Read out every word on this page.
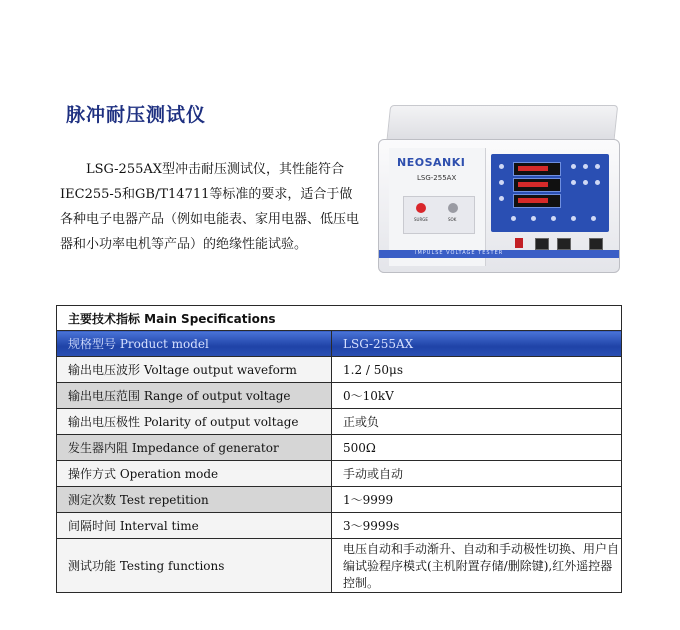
脉冲耐压测试仪
LSG-255AX型冲击耐压测试仪，其性能符合IEC255-5和GB/T14711等标准的要求，适合于做各种电子电器产品（例如电能表、家用电器、低压电器和小功率电机等产品）的绝缘性能试验。
NEOSANKI
LSG-255AX
SURGE	SOK
IMPULSE VOLTAGE TESTER
主要技术指标 Main Specifications	
规格型号 Product model	LSG-255AX
输出电压波形 Voltage output waveform	1.2 / 50μs
输出电压范围 Range of output voltage	0～10kV
输出电压极性 Polarity of output voltage	正或负
发生器内阻 Impedance of generator	500Ω
操作方式 Operation mode	手动或自动
测定次数 Test repetition	1～9999
间隔时间 Interval time	3～9999s
测试功能 Testing functions	电压自动和手动渐升、自动和手动极性切换、用户自编试验程序模式(主机附置存储/删除键),红外遥控器控制。
